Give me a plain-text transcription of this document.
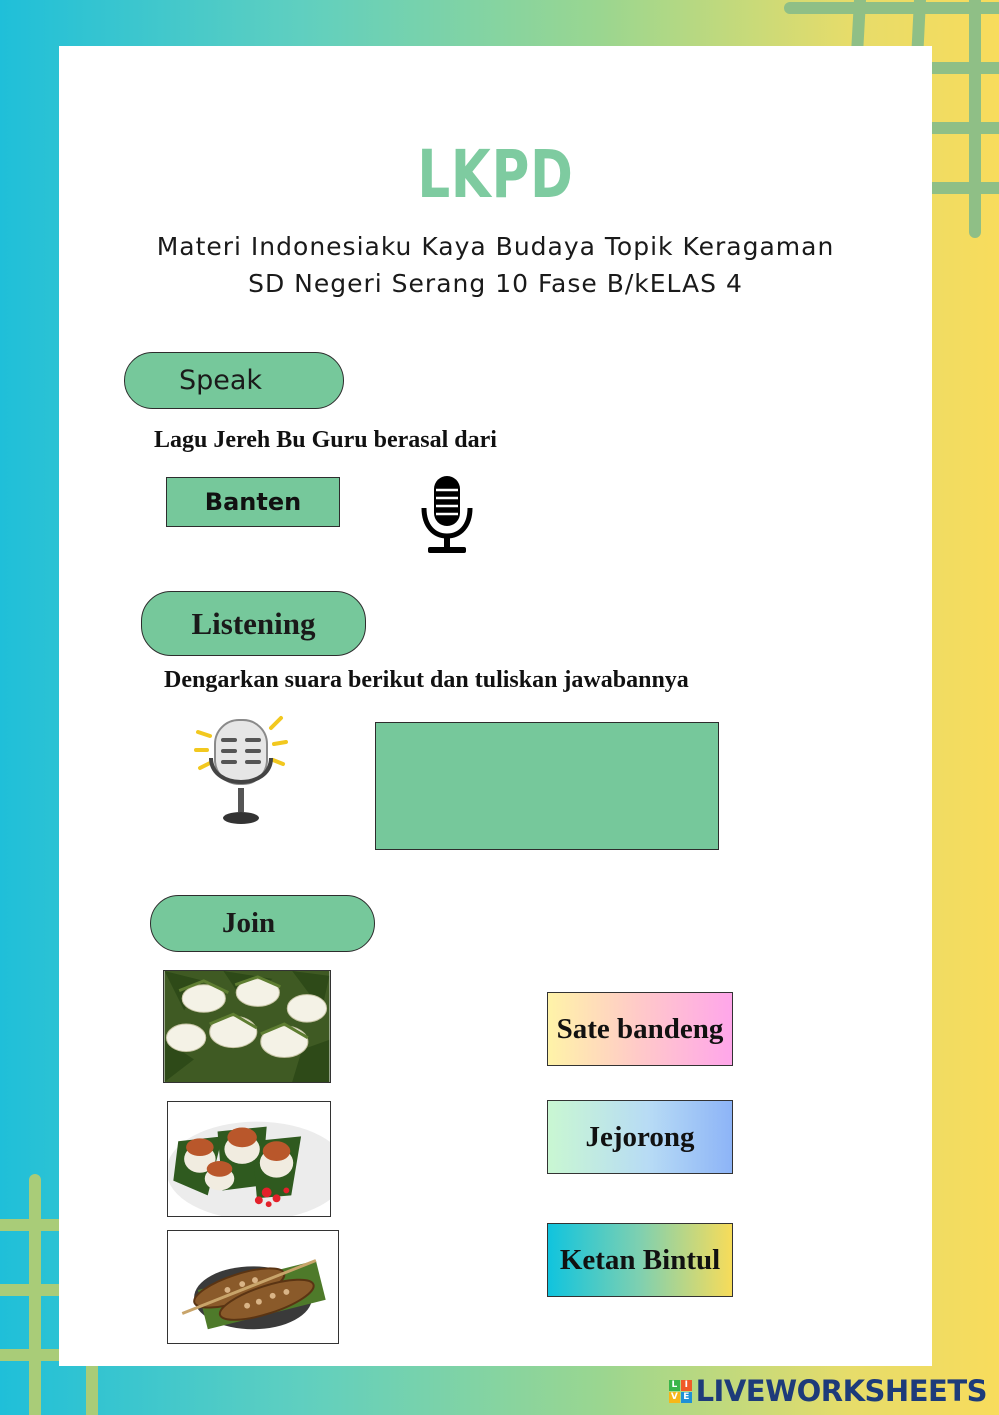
LKPD
Materi Indonesiaku Kaya Budaya Topik Keragaman
SD Negeri Serang 10 Fase B/kELAS 4
Speak
Lagu Jereh Bu Guru berasal dari
Banten
Listening
Dengarkan suara berikut dan tuliskan jawabannya
Join
Sate bandeng
Jejorong
Ketan Bintul
L I
V E LIVEWORKSHEETS
